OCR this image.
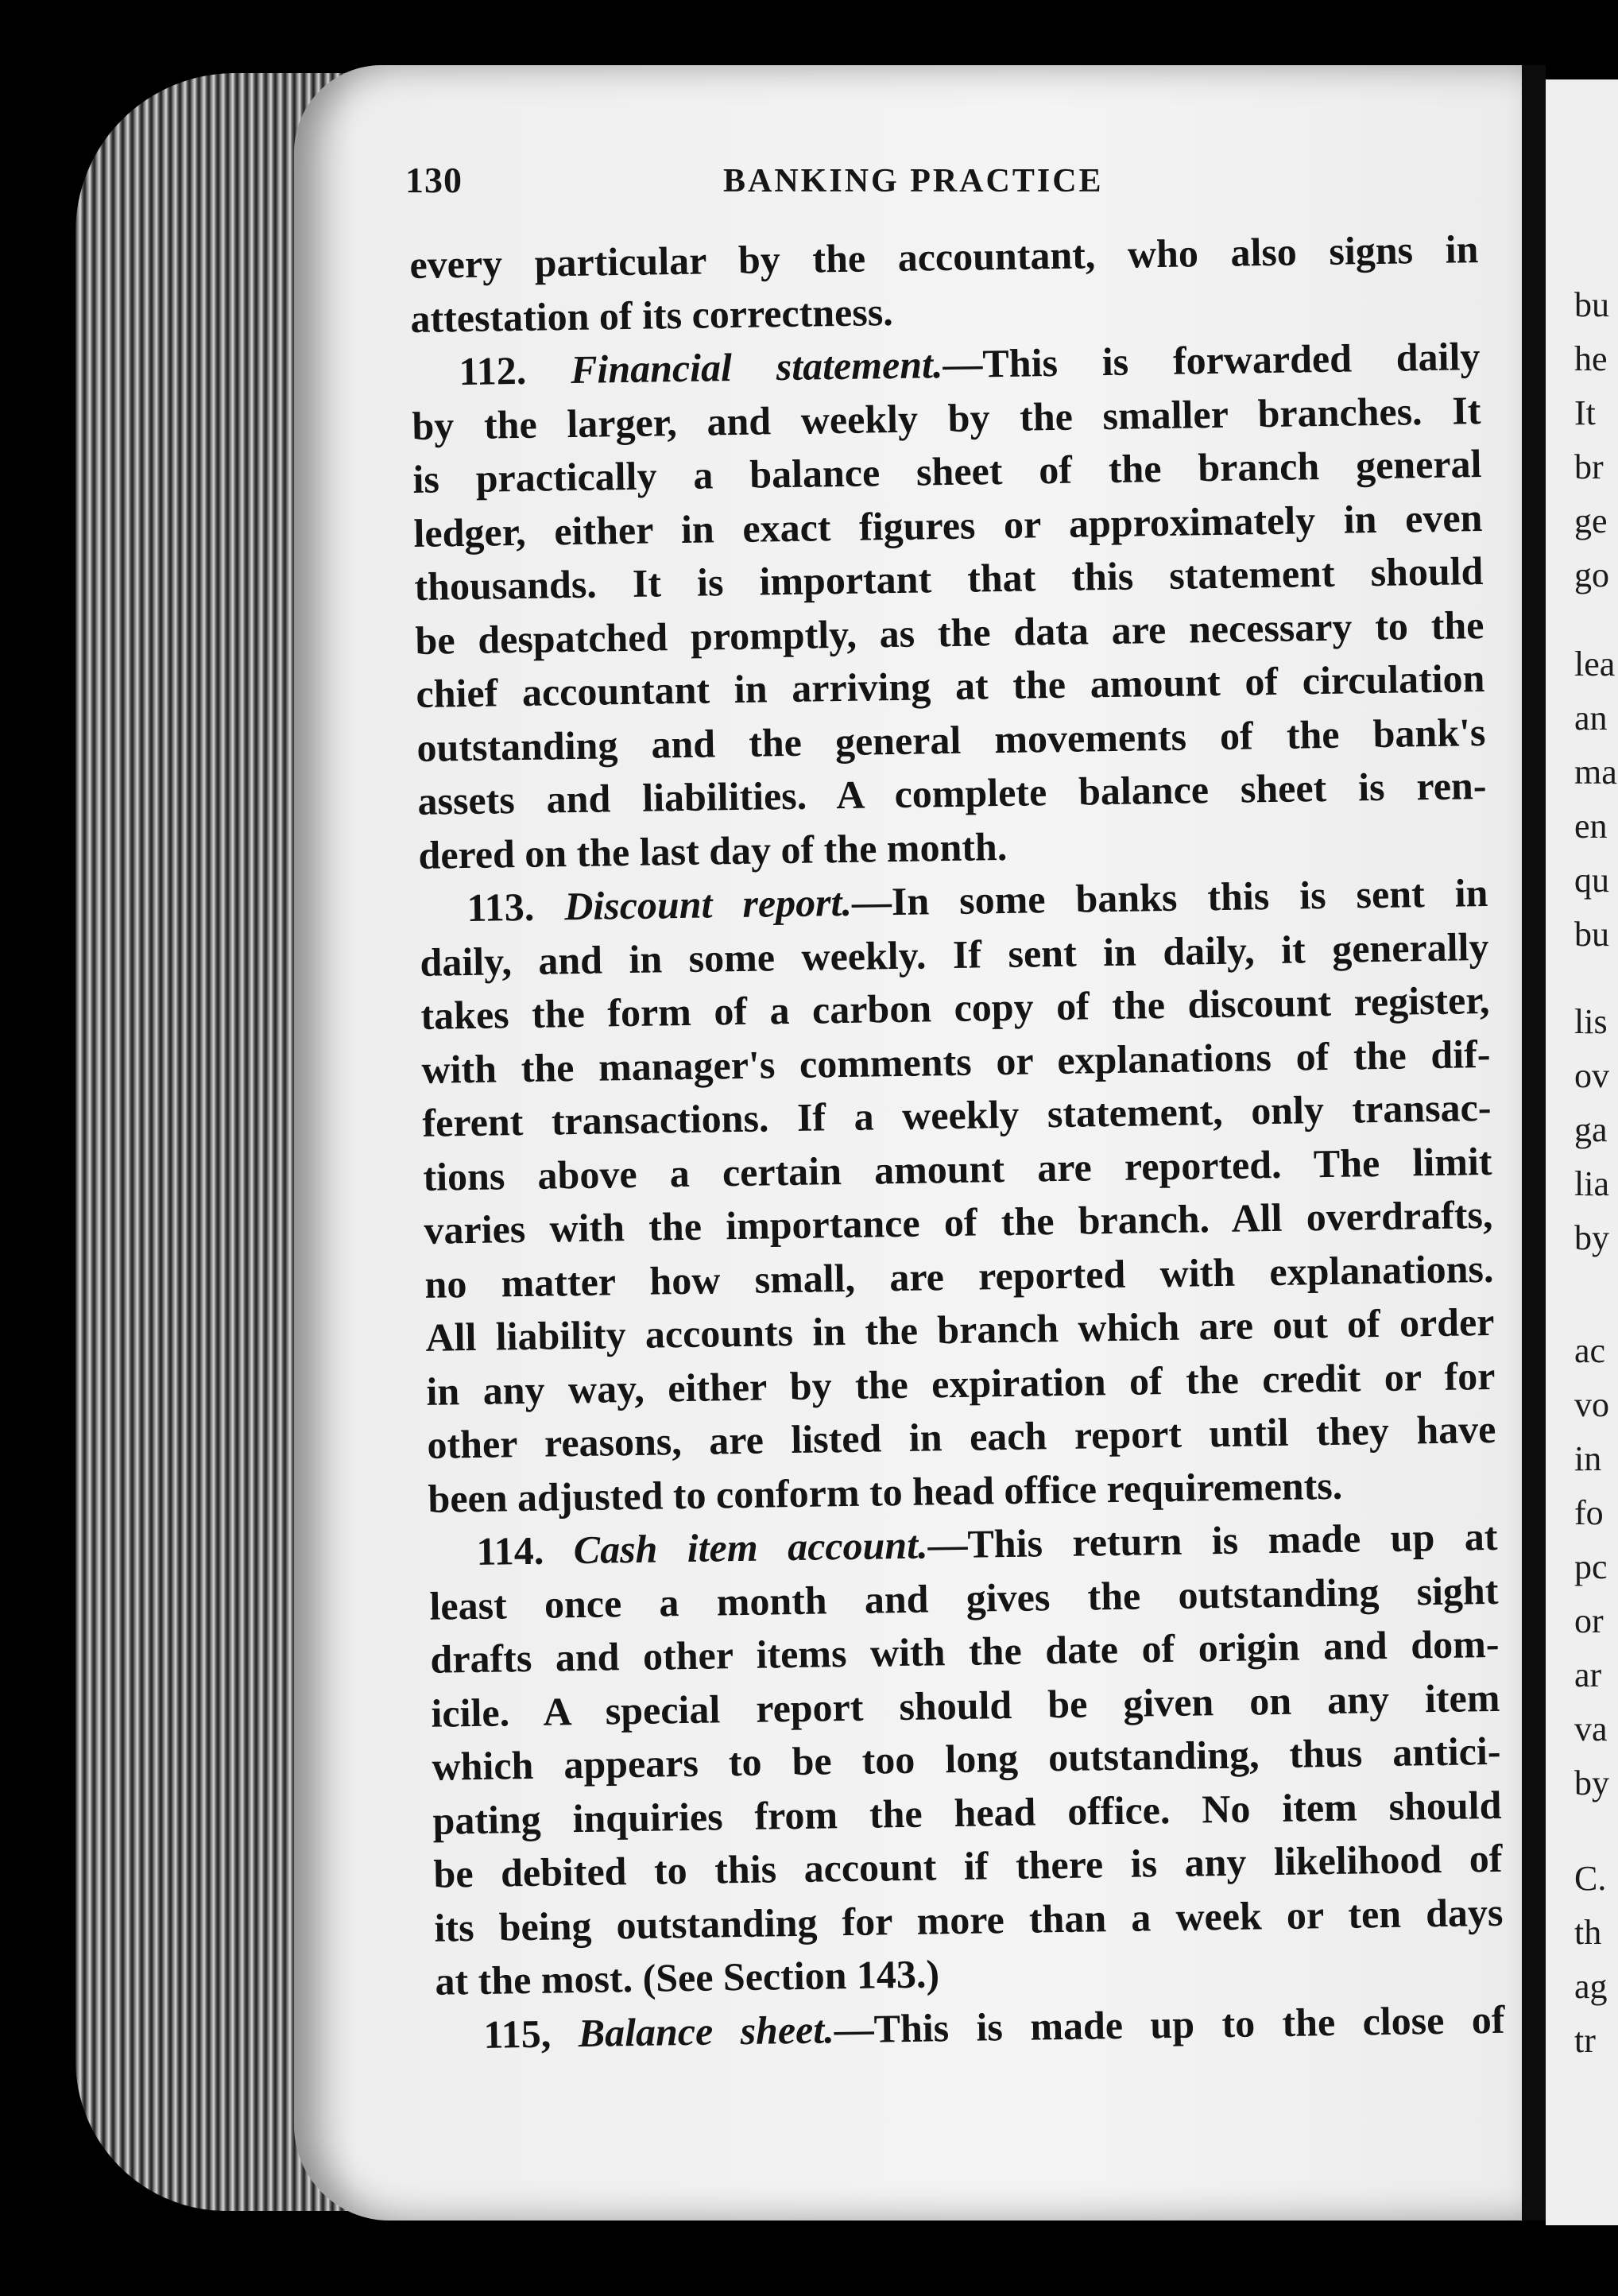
bu
he
It
br
ge
go
lea
an
ma
en
qu
bu
lis
ov
ga
lia
by
ac
vo
in
fo
pc
or
ar
va
by
C.
th
ag
tr
130	BANKING PRACTICE
every particular by the accountant, who also signs in
attestation of its correctness.
112. Financial statement.—This is forwarded daily
by the larger, and weekly by the smaller branches. It
is practically a balance sheet of the branch general
ledger, either in exact figures or approximately in even
thousands. It is important that this statement should
be despatched promptly, as the data are necessary to the
chief accountant in arriving at the amount of circulation
outstanding and the general movements of the bank's
assets and liabilities. A complete balance sheet is ren-
dered on the last day of the month.
113. Discount report.—In some banks this is sent in
daily, and in some weekly. If sent in daily, it generally
takes the form of a carbon copy of the discount register,
with the manager's comments or explanations of the dif-
ferent transactions. If a weekly statement, only transac-
tions above a certain amount are reported. The limit
varies with the importance of the branch. All overdrafts,
no matter how small, are reported with explanations.
All liability accounts in the branch which are out of order
in any way, either by the expiration of the credit or for
other reasons, are listed in each report until they have
been adjusted to conform to head office requirements.
114. Cash item account.—This return is made up at
least once a month and gives the outstanding sight
drafts and other items with the date of origin and dom-
icile. A special report should be given on any item
which appears to be too long outstanding, thus antici-
pating inquiries from the head office. No item should
be debited to this account if there is any likelihood of
its being outstanding for more than a week or ten days
at the most. (See Section 143.)
115, Balance sheet.—This is made up to the close of
